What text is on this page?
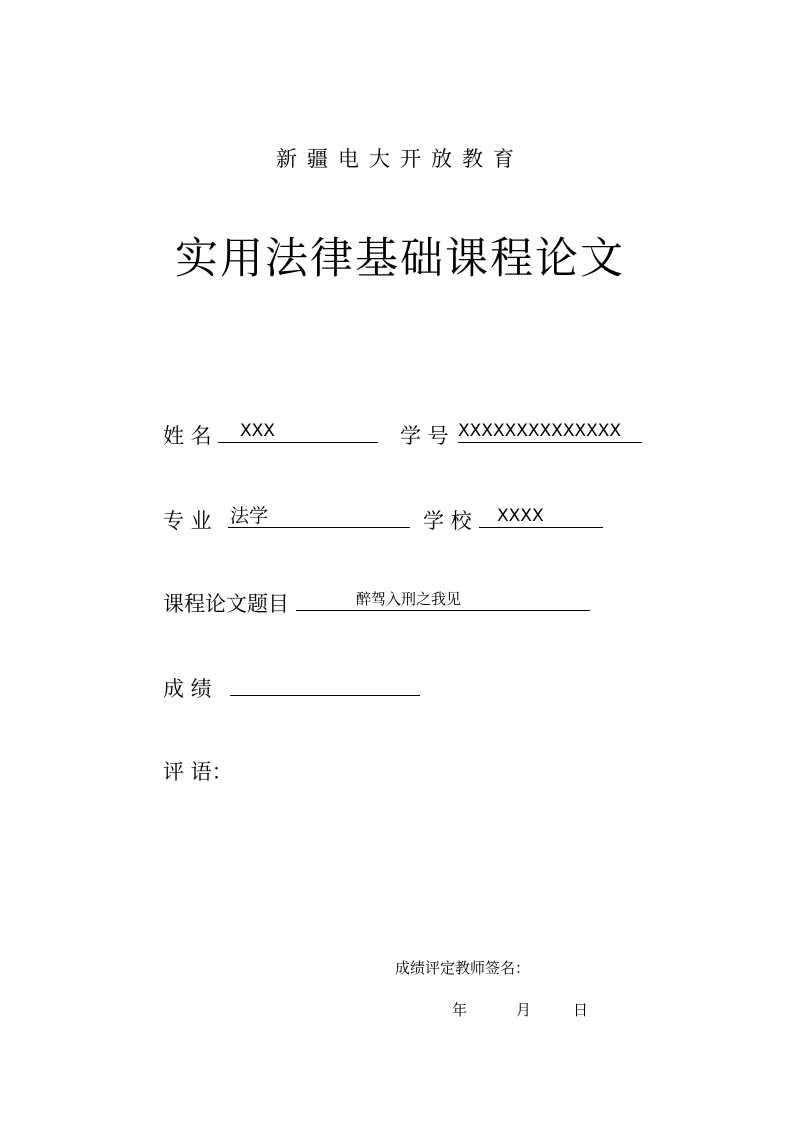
新疆电大开放教育
实用法律基础课程论文
姓 名 XXX	学 号 XXXXXXXXXXXXXX
专 业 法学	学 校 XXXX
课程论文题目	醉驾入刑之我见
成 绩
评 语：
成绩评定教师签名：
年	月	日
